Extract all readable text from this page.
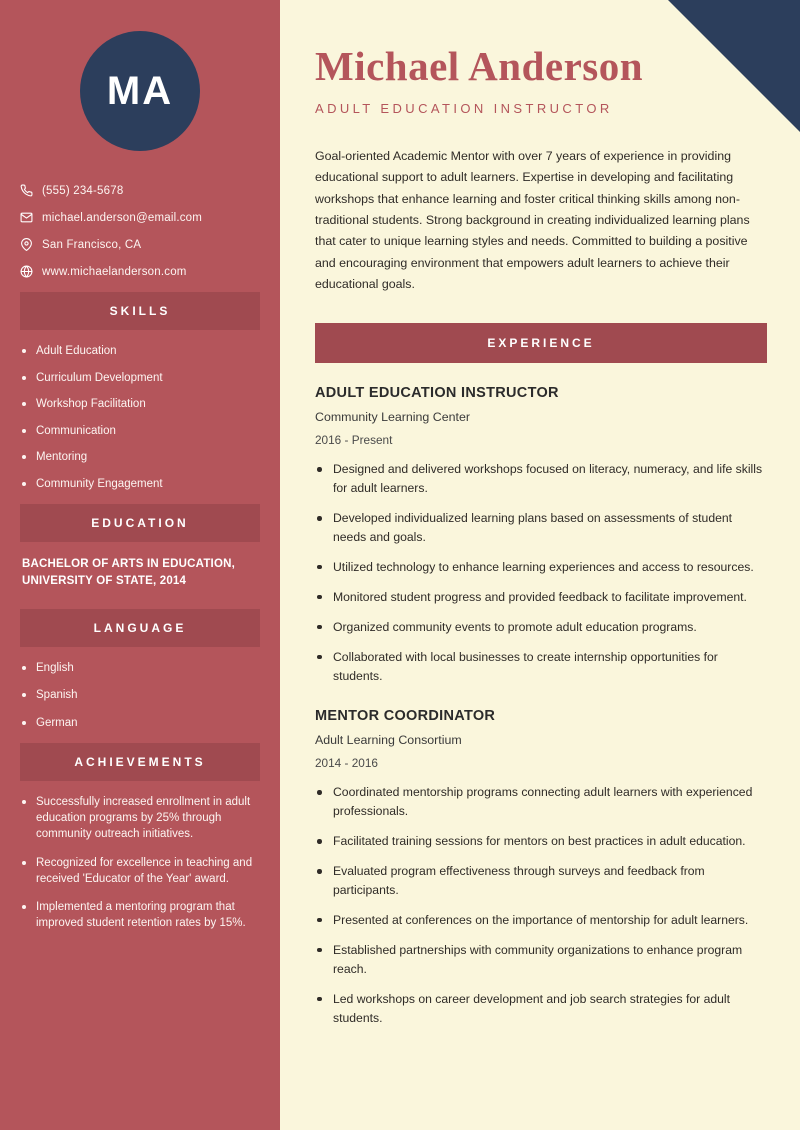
MA
(555) 234-5678
michael.anderson@email.com
San Francisco, CA
www.michaelanderson.com
SKILLS
Adult Education
Curriculum Development
Workshop Facilitation
Communication
Mentoring
Community Engagement
EDUCATION
BACHELOR OF ARTS IN EDUCATION, UNIVERSITY OF STATE, 2014
LANGUAGE
English
Spanish
German
ACHIEVEMENTS
Successfully increased enrollment in adult education programs by 25% through community outreach initiatives.
Recognized for excellence in teaching and received 'Educator of the Year' award.
Implemented a mentoring program that improved student retention rates by 15%.
Michael Anderson
ADULT EDUCATION INSTRUCTOR

Goal-oriented Academic Mentor with over 7 years of experience in providing educational support to adult learners. Expertise in developing and facilitating workshops that enhance learning and foster critical thinking skills among non-traditional students. Strong background in creating individualized learning plans that cater to unique learning styles and needs. Committed to building a positive and encouraging environment that empowers adult learners to achieve their educational goals.

EXPERIENCE
ADULT EDUCATION INSTRUCTOR
Community Learning Center
2016 - Present
Designed and delivered workshops focused on literacy, numeracy, and life skills for adult learners.
Developed individualized learning plans based on assessments of student needs and goals.
Utilized technology to enhance learning experiences and access to resources.
Monitored student progress and provided feedback to facilitate improvement.
Organized community events to promote adult education programs.
Collaborated with local businesses to create internship opportunities for students.
MENTOR COORDINATOR
Adult Learning Consortium
2014 - 2016
Coordinated mentorship programs connecting adult learners with experienced professionals.
Facilitated training sessions for mentors on best practices in adult education.
Evaluated program effectiveness through surveys and feedback from participants.
Presented at conferences on the importance of mentorship for adult learners.
Established partnerships with community organizations to enhance program reach.
Led workshops on career development and job search strategies for adult students.
